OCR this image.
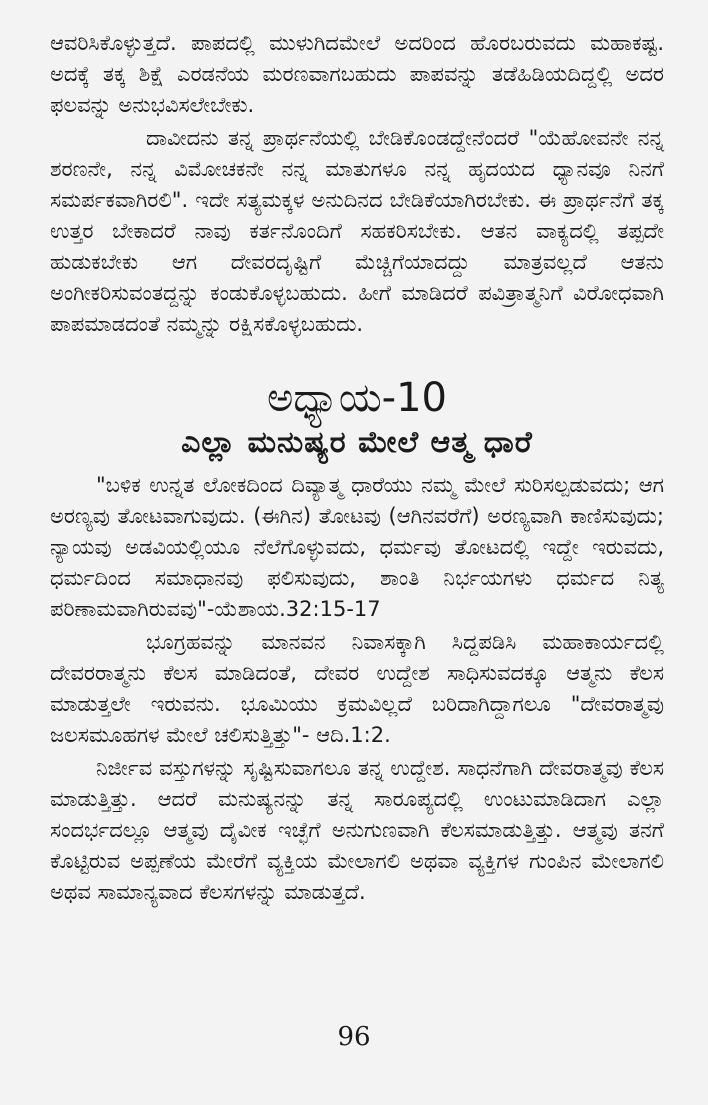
ಆವರಿಸಿಕೊಳ್ಳುತ್ತದೆ. ಪಾಪದಲ್ಲಿ ಮುಳುಗಿದಮೇಲೆ ಅದರಿಂದ ಹೊರಬರುವದು ಮಹಾಕಷ್ಟ. ಅದಕ್ಕೆ ತಕ್ಕ ಶಿಕ್ಷೆ ಎರಡನೆಯ ಮರಣವಾಗಬಹುದು ಪಾಪವನ್ನು ತಡೆಹಿಡಿಯದಿದ್ದಲ್ಲಿ ಅದರ ಫಲವನ್ನು ಅನುಭವಿಸಲೇಬೇಕು.

ದಾವೀದನು ತನ್ನ ಪ್ರಾರ್ಥನೆಯಲ್ಲಿ ಬೇಡಿಕೊಂಡದ್ದೇನೆಂದರೆ "ಯೆಹೋವನೇ ನನ್ನ ಶರಣನೇ, ನನ್ನ ವಿಮೋಚಕನೇ ನನ್ನ ಮಾತುಗಳೂ ನನ್ನ ಹೃದಯದ ಧ್ಯಾನವೂ ನಿನಗೆ ಸಮರ್ಪಕವಾಗಿರಲಿ". ಇದೇ ಸತ್ಯಮಕ್ಕಳ ಅನುದಿನದ ಬೇಡಿಕೆಯಾಗಿರಬೇಕು. ಈ ಪ್ರಾರ್ಥನೆಗೆ ತಕ್ಕ ಉತ್ತರ ಬೇಕಾದರೆ ನಾವು ಕರ್ತನೊಂದಿಗೆ ಸಹಕರಿಸಬೇಕು. ಆತನ ವಾಕ್ಯದಲ್ಲಿ ತಪ್ಪದೇ ಹುಡುಕಬೇಕು ಆಗ ದೇವರದೃಷ್ಟಿಗೆ ಮೆಚ್ಚಿಗೆಯಾದದ್ದು ಮಾತ್ರವಲ್ಲದೆ ಆತನು ಅಂಗೀಕರಿಸುವಂತದ್ದನ್ನು ಕಂಡುಕೊಳ್ಳಬಹುದು. ಹೀಗೆ ಮಾಡಿದರೆ ಪವಿತ್ರಾತ್ಮನಿಗೆ ವಿರೋಧವಾಗಿ ಪಾಪಮಾಡದಂತೆ ನಮ್ಮನ್ನು ರಕ್ಷಿಸಕೊಳ್ಳಬಹುದು.

ಅಧ್ಯಾಯ-10
ಎಲ್ಲಾ ಮನುಷ್ಯರ ಮೇಲೆ ಆತ್ಮ ಧಾರೆ

"ಬಳಿಕ ಉನ್ನತ ಲೋಕದಿಂದ ದಿವ್ಯಾತ್ಮ ಧಾರೆಯು ನಮ್ಮ ಮೇಲೆ ಸುರಿಸಲ್ಪಡುವದು; ಆಗ ಅರಣ್ಯವು ತೋಟವಾಗುವುದು. (ಈಗಿನ) ತೋಟವು (ಆಗಿನವರೆಗೆ) ಅರಣ್ಯವಾಗಿ ಕಾಣಿಸುವುದು; ನ್ಯಾಯವು ಅಡವಿಯಲ್ಲಿಯೂ ನೆಲೆಗೊಳ್ಳುವದು, ಧರ್ಮವು ತೋಟದಲ್ಲಿ ಇದ್ದೇ ಇರುವದು, ಧರ್ಮದಿಂದ ಸಮಾಧಾನವು ಫಲಿಸುವುದು, ಶಾಂತಿ ನಿರ್ಭಯಗಳು ಧರ್ಮದ ನಿತ್ಯ ಪರಿಣಾಮವಾಗಿರುವವು"-ಯೆಶಾಯ.32:15-17

ಭೂಗ್ರಹವನ್ನು ಮಾನವನ ನಿವಾಸಕ್ಕಾಗಿ ಸಿದ್ದಪಡಿಸಿ ಮಹಾಕಾರ್ಯದಲ್ಲಿ ದೇವರರಾತ್ಮನು ಕೆಲಸ ಮಾಡಿದಂತೆ, ದೇವರ ಉದ್ದೇಶ ಸಾಧಿಸುವದಕ್ಕೂ ಆತ್ಮನು ಕೆಲಸ ಮಾಡುತ್ತಲೇ ಇರುವನು. ಭೂಮಿಯು ಕ್ರಮವಿಲ್ಲದೆ ಬರಿದಾಗಿದ್ದಾಗಲೂ "ದೇವರಾತ್ಮವು ಜಲಸಮೂಹಗಳ ಮೇಲೆ ಚಲಿಸುತ್ತಿತ್ತು"- ಆದಿ.1:2.

ನಿರ್ಜೀವ ವಸ್ತುಗಳನ್ನು ಸೃಷ್ಟಿಸುವಾಗಲೂ ತನ್ನ ಉದ್ದೇಶ. ಸಾಧನೆಗಾಗಿ ದೇವರಾತ್ಮವು ಕೆಲಸ ಮಾಡುತ್ತಿತ್ತು. ಆದರೆ ಮನುಷ್ಯನನ್ನು ತನ್ನ ಸಾರೂಪ್ಯದಲ್ಲಿ ಉಂಟುಮಾಡಿದಾಗ ಎಲ್ಲಾ ಸಂದರ್ಭದಲ್ಲೂ ಆತ್ಮವು ದೈವೀಕ ಇಚ್ಛೆಗೆ ಅನುಗುಣವಾಗಿ ಕೆಲಸಮಾಡುತ್ತಿತ್ತು. ಆತ್ಮವು ತನಗೆ ಕೊಟ್ಟಿರುವ ಅಪ್ಪಣೆಯ ಮೇರೆಗೆ ವ್ಯಕ್ತಿಯ ಮೇಲಾಗಲಿ ಅಥವಾ ವ್ಯಕ್ತಿಗಳ ಗುಂಪಿನ ಮೇಲಾಗಲಿ ಅಥವ ಸಾಮಾನ್ಯವಾದ ಕೆಲಸಗಳನ್ನು ಮಾಡುತ್ತದೆ.

96
